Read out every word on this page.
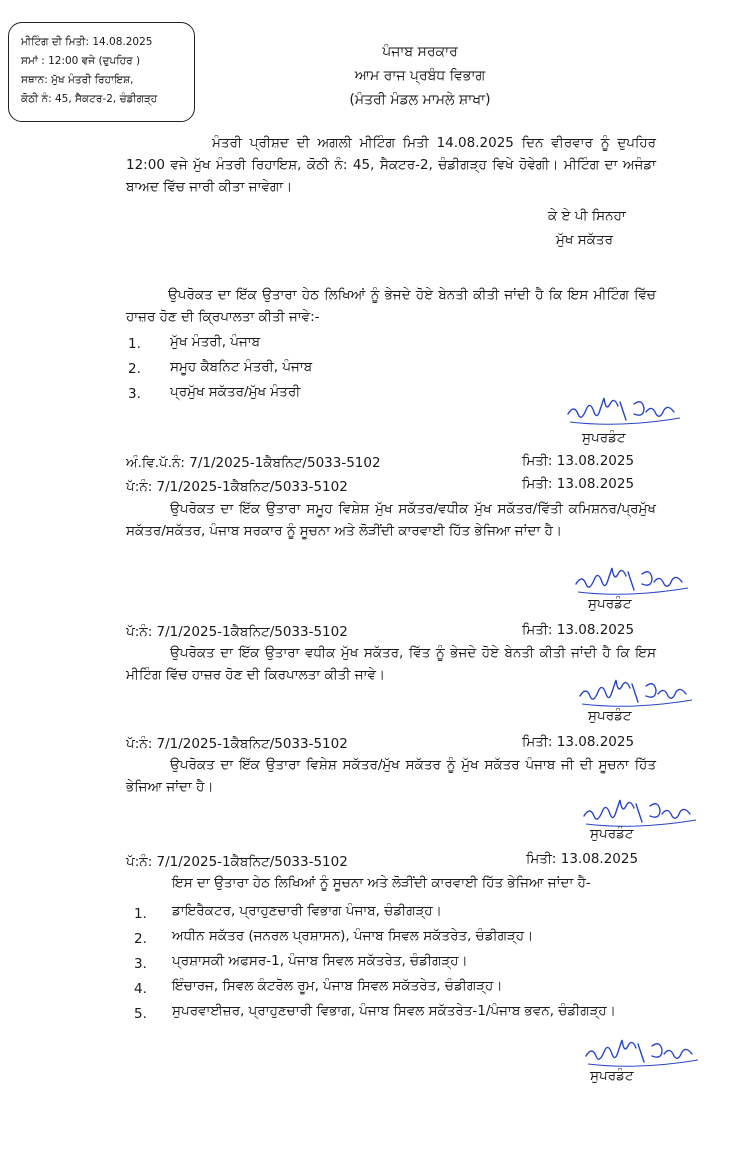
ਮੀਟਿੰਗ ਦੀ ਮਿਤੀ: 14.08.2025
ਸਮਾਂ : 12:00 ਵਜੇ (ਦੁਪਹਿਰ )
ਸਥਾਨ: ਮੁੱਖ ਮੰਤਰੀ ਰਿਹਾਇਸ਼,
ਕੋਠੀ ਨੰ: 45, ਸੈਕਟਰ-2, ਚੰਡੀਗੜ੍ਹ
ਪੰਜਾਬ ਸਰਕਾਰ
ਆਮ ਰਾਜ ਪ੍ਰਬੰਧ ਵਿਭਾਗ
(ਮੰਤਰੀ ਮੰਡਲ ਮਾਮਲੇ ਸ਼ਾਖਾ)
ਮੰਤਰੀ ਪ੍ਰੀਸ਼ਦ ਦੀ ਅਗਲੀ ਮੀਟਿੰਗ ਮਿਤੀ 14.08.2025 ਦਿਨ ਵੀਰਵਾਰ ਨੂੰ ਦੁਪਹਿਰ 12:00 ਵਜੇ ਮੁੱਖ ਮੰਤਰੀ ਰਿਹਾਇਸ਼, ਕੋਠੀ ਨੰ: 45, ਸੈਕਟਰ-2, ਚੰਡੀਗੜ੍ਹ ਵਿਖੇ ਹੋਵੇਗੀ। ਮੀਟਿੰਗ ਦਾ ਅਜੰਡਾ ਬਾਅਦ ਵਿੱਚ ਜਾਰੀ ਕੀਤਾ ਜਾਵੇਗਾ।
ਕੇ ਏ ਪੀ ਸਿਨਹਾ
ਮੁੱਖ ਸਕੱਤਰ
ਉਪਰੋਕਤ ਦਾ ਇੱਕ ਉਤਾਰਾ ਹੇਠ ਲਿਖਿਆਂ ਨੂੰ ਭੇਜਦੇ ਹੋਏ ਬੇਨਤੀ ਕੀਤੀ ਜਾਂਦੀ ਹੈ ਕਿ ਇਸ ਮੀਟਿੰਗ ਵਿੱਚ ਹਾਜ਼ਰ ਹੋਣ ਦੀ ਕ੍ਰਿਪਾਲਤਾ ਕੀਤੀ ਜਾਵੇ:-
1. ਮੁੱਖ ਮੰਤਰੀ, ਪੰਜਾਬ
2. ਸਮੂਹ ਕੈਬਨਿਟ ਮੰਤਰੀ, ਪੰਜਾਬ
3. ਪ੍ਰਮੁੱਖ ਸਕੱਤਰ/ਮੁੱਖ ਮੰਤਰੀ
ਸੁਪਰਡੰਟ
ਅੰ.ਵਿ.ਪੱ.ਨੰ: 7/1/2025-1ਕੈਬਨਿਟ/5033-5102	ਮਿਤੀ: 13.08.2025
ਪੱ:ਨੰ: 7/1/2025-1ਕੈਬਨਿਟ/5033-5102	ਮਿਤੀ: 13.08.2025
ਉਪਰੋਕਤ ਦਾ ਇੱਕ ਉਤਾਰਾ ਸਮੂਹ ਵਿਸ਼ੇਸ਼ ਮੁੱਖ ਸਕੱਤਰ/ਵਧੀਕ ਮੁੱਖ ਸਕੱਤਰ/ਵਿੱਤੀ ਕਮਿਸ਼ਨਰ/ਪ੍ਰਮੁੱਖ ਸਕੱਤਰ/ਸਕੱਤਰ, ਪੰਜਾਬ ਸਰਕਾਰ ਨੂੰ ਸੂਚਨਾ ਅਤੇ ਲੋੜੀਂਦੀ ਕਾਰਵਾਈ ਹਿੱਤ ਭੇਜਿਆ ਜਾਂਦਾ ਹੈ।
ਸੁਪਰਡੰਟ
ਪੱ:ਨੰ: 7/1/2025-1ਕੈਬਨਿਟ/5033-5102	ਮਿਤੀ: 13.08.2025
ਉਪਰੋਕਤ ਦਾ ਇੱਕ ਉਤਾਰਾ ਵਧੀਕ ਮੁੱਖ ਸਕੱਤਰ, ਵਿੱਤ ਨੂੰ ਭੇਜਦੇ ਹੋਏ ਬੇਨਤੀ ਕੀਤੀ ਜਾਂਦੀ ਹੈ ਕਿ ਇਸ ਮੀਟਿੰਗ ਵਿੱਚ ਹਾਜ਼ਰ ਹੋਣ ਦੀ ਕਿਰਪਾਲਤਾ ਕੀਤੀ ਜਾਵੇ।
ਸੁਪਰਡੰਟ
ਪੱ:ਨੰ: 7/1/2025-1ਕੈਬਨਿਟ/5033-5102	ਮਿਤੀ: 13.08.2025
ਉਪਰੋਕਤ ਦਾ ਇੱਕ ਉਤਾਰਾ ਵਿਸ਼ੇਸ਼ ਸਕੱਤਰ/ਮੁੱਖ ਸਕੱਤਰ ਨੂੰ ਮੁੱਖ ਸਕੱਤਰ ਪੰਜਾਬ ਜੀ ਦੀ ਸੂਚਨਾ ਹਿੱਤ ਭੇਜਿਆ ਜਾਂਦਾ ਹੈ।
ਸੁਪਰਡੰਟ
ਪੱ:ਨੰ: 7/1/2025-1ਕੈਬਨਿਟ/5033-5102	ਮਿਤੀ: 13.08.2025
ਇਸ ਦਾ ਉਤਾਰਾ ਹੇਠ ਲਿਖਿਆਂ ਨੂੰ ਸੂਚਨਾ ਅਤੇ ਲੋੜੀਂਦੀ ਕਾਰਵਾਈ ਹਿੱਤ ਭੇਜਿਆ ਜਾਂਦਾ ਹੈ-
1. ਡਾਇਰੈਕਟਰ, ਪ੍ਰਾਹੁਣਚਾਰੀ ਵਿਭਾਗ ਪੰਜਾਬ, ਚੰਡੀਗੜ੍ਹ।
2. ਅਧੀਨ ਸਕੱਤਰ (ਜਨਰਲ ਪ੍ਰਸ਼ਾਸਨ), ਪੰਜਾਬ ਸਿਵਲ ਸਕੱਤਰੇਤ, ਚੰਡੀਗੜ੍ਹ।
3. ਪ੍ਰਸ਼ਾਸਕੀ ਅਫਸਰ-1, ਪੰਜਾਬ ਸਿਵਲ ਸਕੱਤਰੇਤ, ਚੰਡੀਗੜ੍ਹ।
4. ਇੰਚਾਰਜ, ਸਿਵਲ ਕੰਟਰੋਲ ਰੂਮ, ਪੰਜਾਬ ਸਿਵਲ ਸਕੱਤਰੇਤ, ਚੰਡੀਗੜ੍ਹ।
5. ਸੁਪਰਵਾਈਜ਼ਰ, ਪ੍ਰਾਹੁਣਚਾਰੀ ਵਿਭਾਗ, ਪੰਜਾਬ ਸਿਵਲ ਸਕੱਤਰੇਤ-1/ਪੰਜਾਬ ਭਵਨ, ਚੰਡੀਗੜ੍ਹ।
ਸੁਪਰਡੰਟ
